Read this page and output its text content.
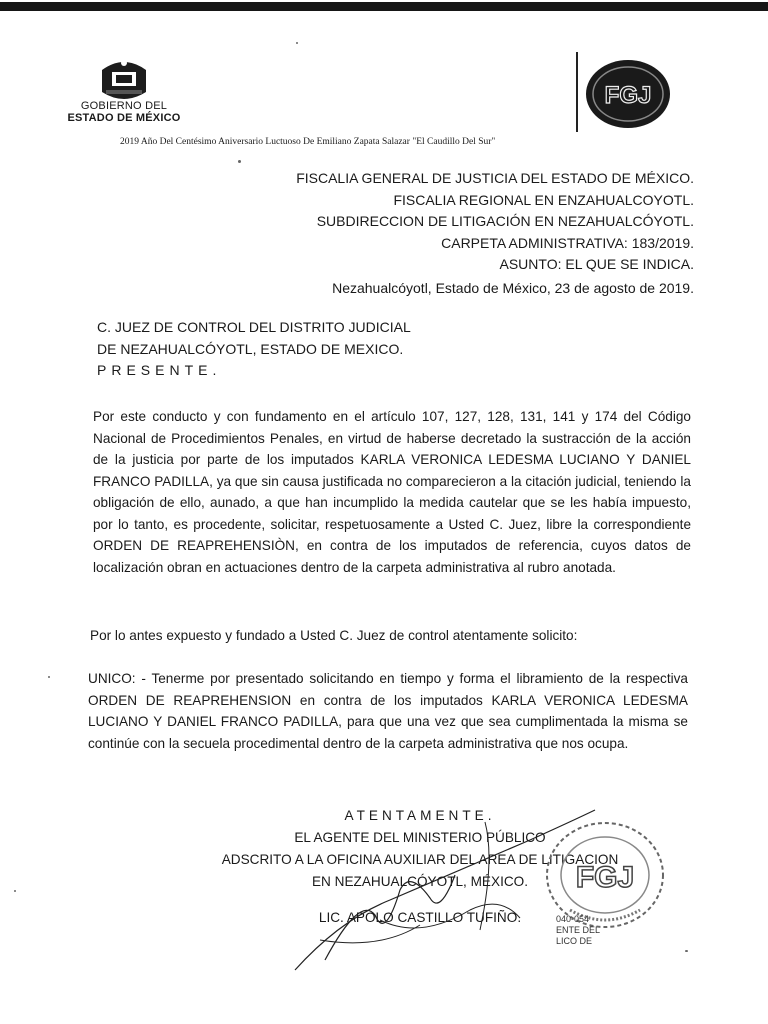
GOBIERNO DEL
ESTADO DE MÉXICO
FGJ
2019 Año Del Centésimo Aniversario Luctuoso De Emiliano Zapata Salazar "El Caudillo Del Sur"
FISCALIA GENERAL DE JUSTICIA DEL ESTADO DE MÉXICO.
FISCALIA REGIONAL EN ENZAHUALCOYOTL.
SUBDIRECCION DE LITIGACIÓN EN NEZAHUALCÓYOTL.
CARPETA ADMINISTRATIVA: 183/2019.
ASUNTO: EL QUE SE INDICA.
Nezahualcóyotl, Estado de México, 23 de agosto de 2019.
C. JUEZ DE CONTROL DEL DISTRITO JUDICIAL
DE NEZAHUALCÓYOTL, ESTADO DE MEXICO.
PRESENTE.
Por este conducto y con fundamento en el artículo 107, 127, 128, 131, 141 y 174 del Código Nacional de Procedimientos Penales, en virtud de haberse decretado la sustracción de la acción de la justicia por parte de los imputados KARLA VERONICA LEDESMA LUCIANO Y DANIEL FRANCO PADILLA, ya que sin causa justificada no comparecieron a la citación judicial, teniendo la obligación de ello, aunado, a que han incumplido la medida cautelar que se les había impuesto, por lo tanto, es procedente, solicitar, respetuosamente a Usted C. Juez, libre la correspondiente ORDEN DE REAPREHENSIÒN, en contra de los imputados de referencia, cuyos datos de localización obran en actuaciones dentro de la carpeta administrativa al rubro anotada.
Por lo antes expuesto y fundado a Usted C. Juez de control atentamente solicito:
UNICO: - Tenerme por presentado solicitando en tiempo y forma el libramiento de la respectiva ORDEN DE REAPREHENSION en contra de los imputados KARLA VERONICA LEDESMA LUCIANO Y DANIEL FRANCO PADILLA, para que una vez que sea cumplimentada la misma se continúe con la secuela procedimental dentro de la carpeta administrativa que nos ocupa.
ATENTAMENTE.
EL AGENTE DEL MINISTERIO PÚBLICO
ADSCRITO A LA OFICINA AUXILIAR DEL AREA DE LITIGACION
EN NEZAHUALCÓYOTL, MÉXICO.
LIC. APOLO CASTILLO TUFIÑO.
FGJ
040-054
ENTE DEL
LICO DE
